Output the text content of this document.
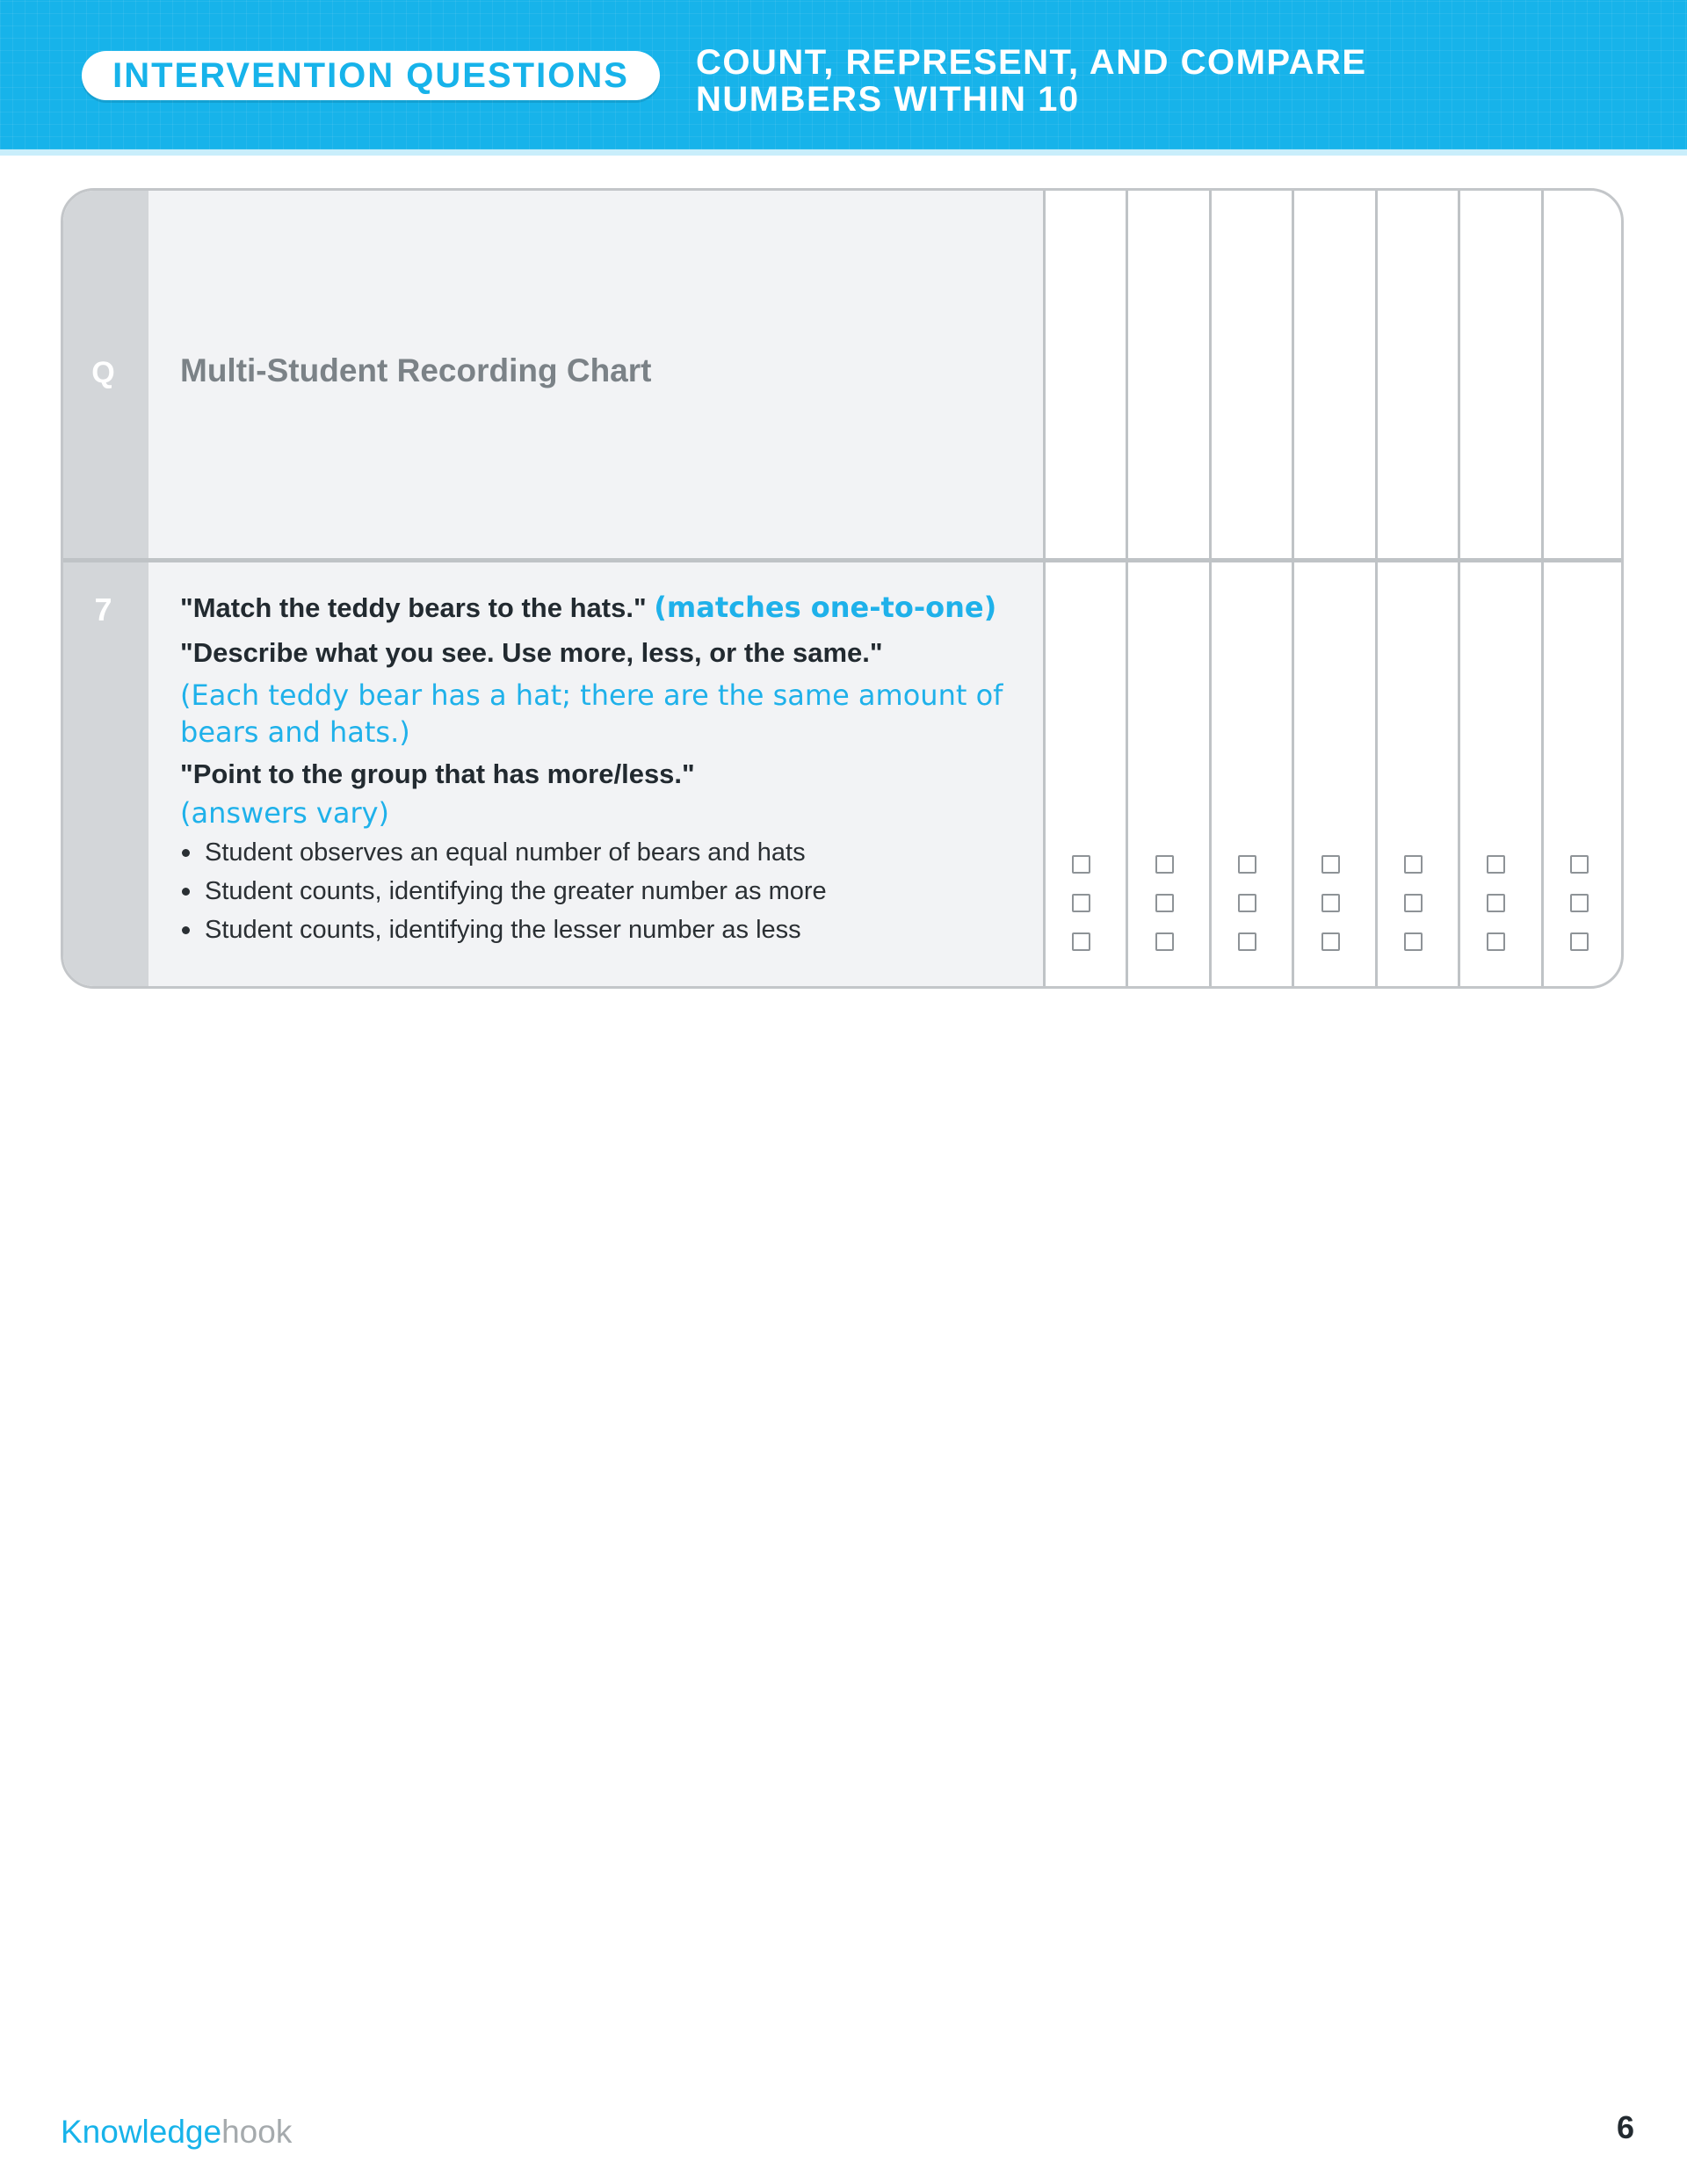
INTERVENTION QUESTIONS	COUNT, REPRESENT, AND COMPARE
NUMBERS WITHIN 10
Q	Multi-Student Recording Chart
7	"Match the teddy bears to the hats." (matches one-to-one)
"Describe what you see. Use more, less, or the same."
(Each teddy bear has a hat; there are the same amount of bears and hats.)
"Point to the group that has more/less."
(answers vary)
Student observes an equal number of bears and hats
Student counts, identifying the greater number as more
Student counts, identifying the lesser number as less
Knowledgehook	6
